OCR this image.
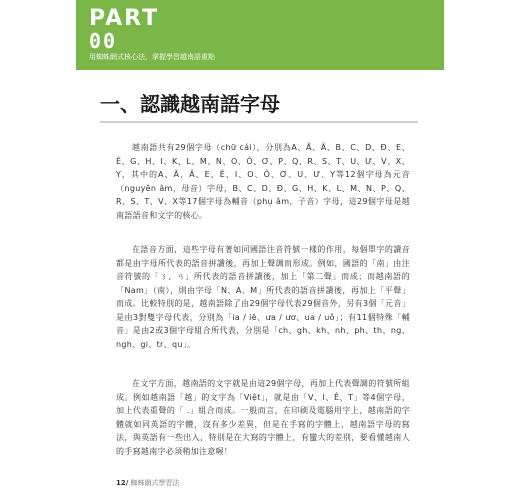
PART
00
用蜘蛛網式核心法，掌握學習越南語重點
一、認識越南語字母

越南語共有29個字母（chữ cái），分別為A、Ă、Â、B、C、D、Đ、E、Ê、G、H、I、K、L、M、N、O、Ô、Ơ、P、Q、R、S、T、U、Ư、V、X、Y，其中的A、Ă、Â、E、Ê、I、O、Ô、Ơ、U、Ư、Y等12個字母為元音（nguyên âm，母音）字母，B、C、D、Đ、G、H、K、L、M、N、P、Q、R、S、T、V、X等17個字母為輔音（phụ âm，子音）字母，這29個字母是越南語語音和文字的核心。

在語音方面，這些字母有著如同國語注音符號一樣的作用，每個單字的讀音都是由字母所代表的語音拼讀後，再加上聲調而形成。例如，國語的「南」由注音符號的「ㄋ、ㄢ」所代表的語音拼讀後，加上「第二聲」而成；而越南語的「Nam」（南），則由字母「N、A、M」所代表的語音拼讀後，再加上「平聲」而成。比較特別的是，越南語除了由29個字母代表29個音外，另有3個「元音」是由3對雙字母代表，分別為「ia / iê、ưa / ươ、ua / uô」；有11個特殊「輔音」是由2或3個字母組合所代表，分別是「ch、gh、kh、nh、ph、th、ng、ngh、gi、tr、qu」。

在文字方面，越南語的文字就是由這29個字母，再加上代表聲調的符號所組成。例如越南語「越」的文字為「Việt」，就是由「V、I、Ê、T」等4個字母，加上代表重聲的「 .」組合而成。一般而言，在印刷及電腦用字上，越南語的字體就如同英語的字體，沒有多少差異，但是在手寫的字體上，越南語字母的寫法，與英語有一些出入，特別是在大寫的字體上，有蠻大的差別，要看懂越南人的手寫越南字必須稍加注意喔！

12/ 蜘蛛網式學習法
